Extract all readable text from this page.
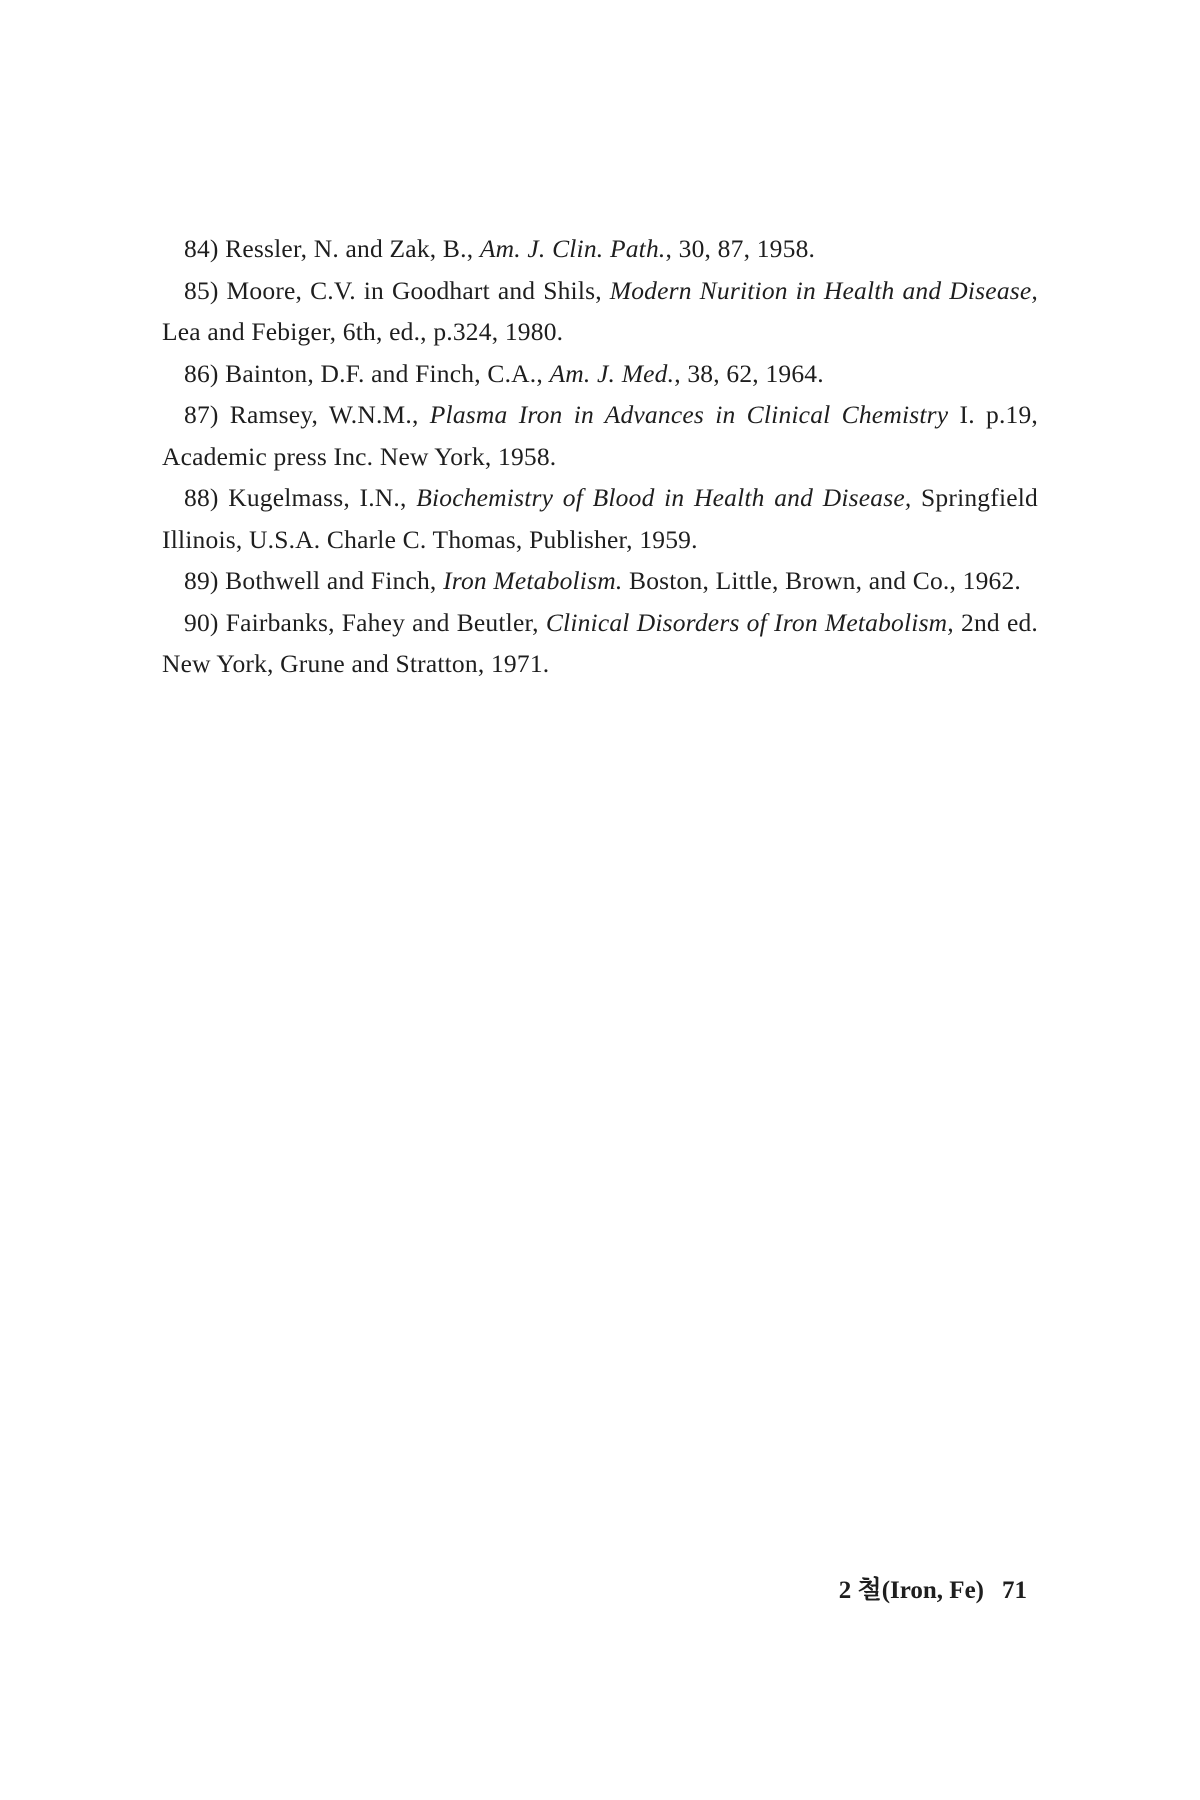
84) Ressler, N. and Zak, B., Am. J. Clin. Path., 30, 87, 1958.
85) Moore, C.V. in Goodhart and Shils, Modern Nurition in Health and Disease, Lea and Febiger, 6th, ed., p.324, 1980.
86) Bainton, D.F. and Finch, C.A., Am. J. Med., 38, 62, 1964.
87) Ramsey, W.N.M., Plasma Iron in Advances in Clinical Chemistry I. p.19, Academic press Inc. New York, 1958.
88) Kugelmass, I.N., Biochemistry of Blood in Health and Disease, Springfield Illinois, U.S.A. Charle C. Thomas, Publisher, 1959.
89) Bothwell and Finch, Iron Metabolism. Boston, Little, Brown, and Co., 1962.
90) Fairbanks, Fahey and Beutler, Clinical Disorders of Iron Metabolism, 2nd ed. New York, Grune and Stratton, 1971.
2 철(Iron, Fe) 71
